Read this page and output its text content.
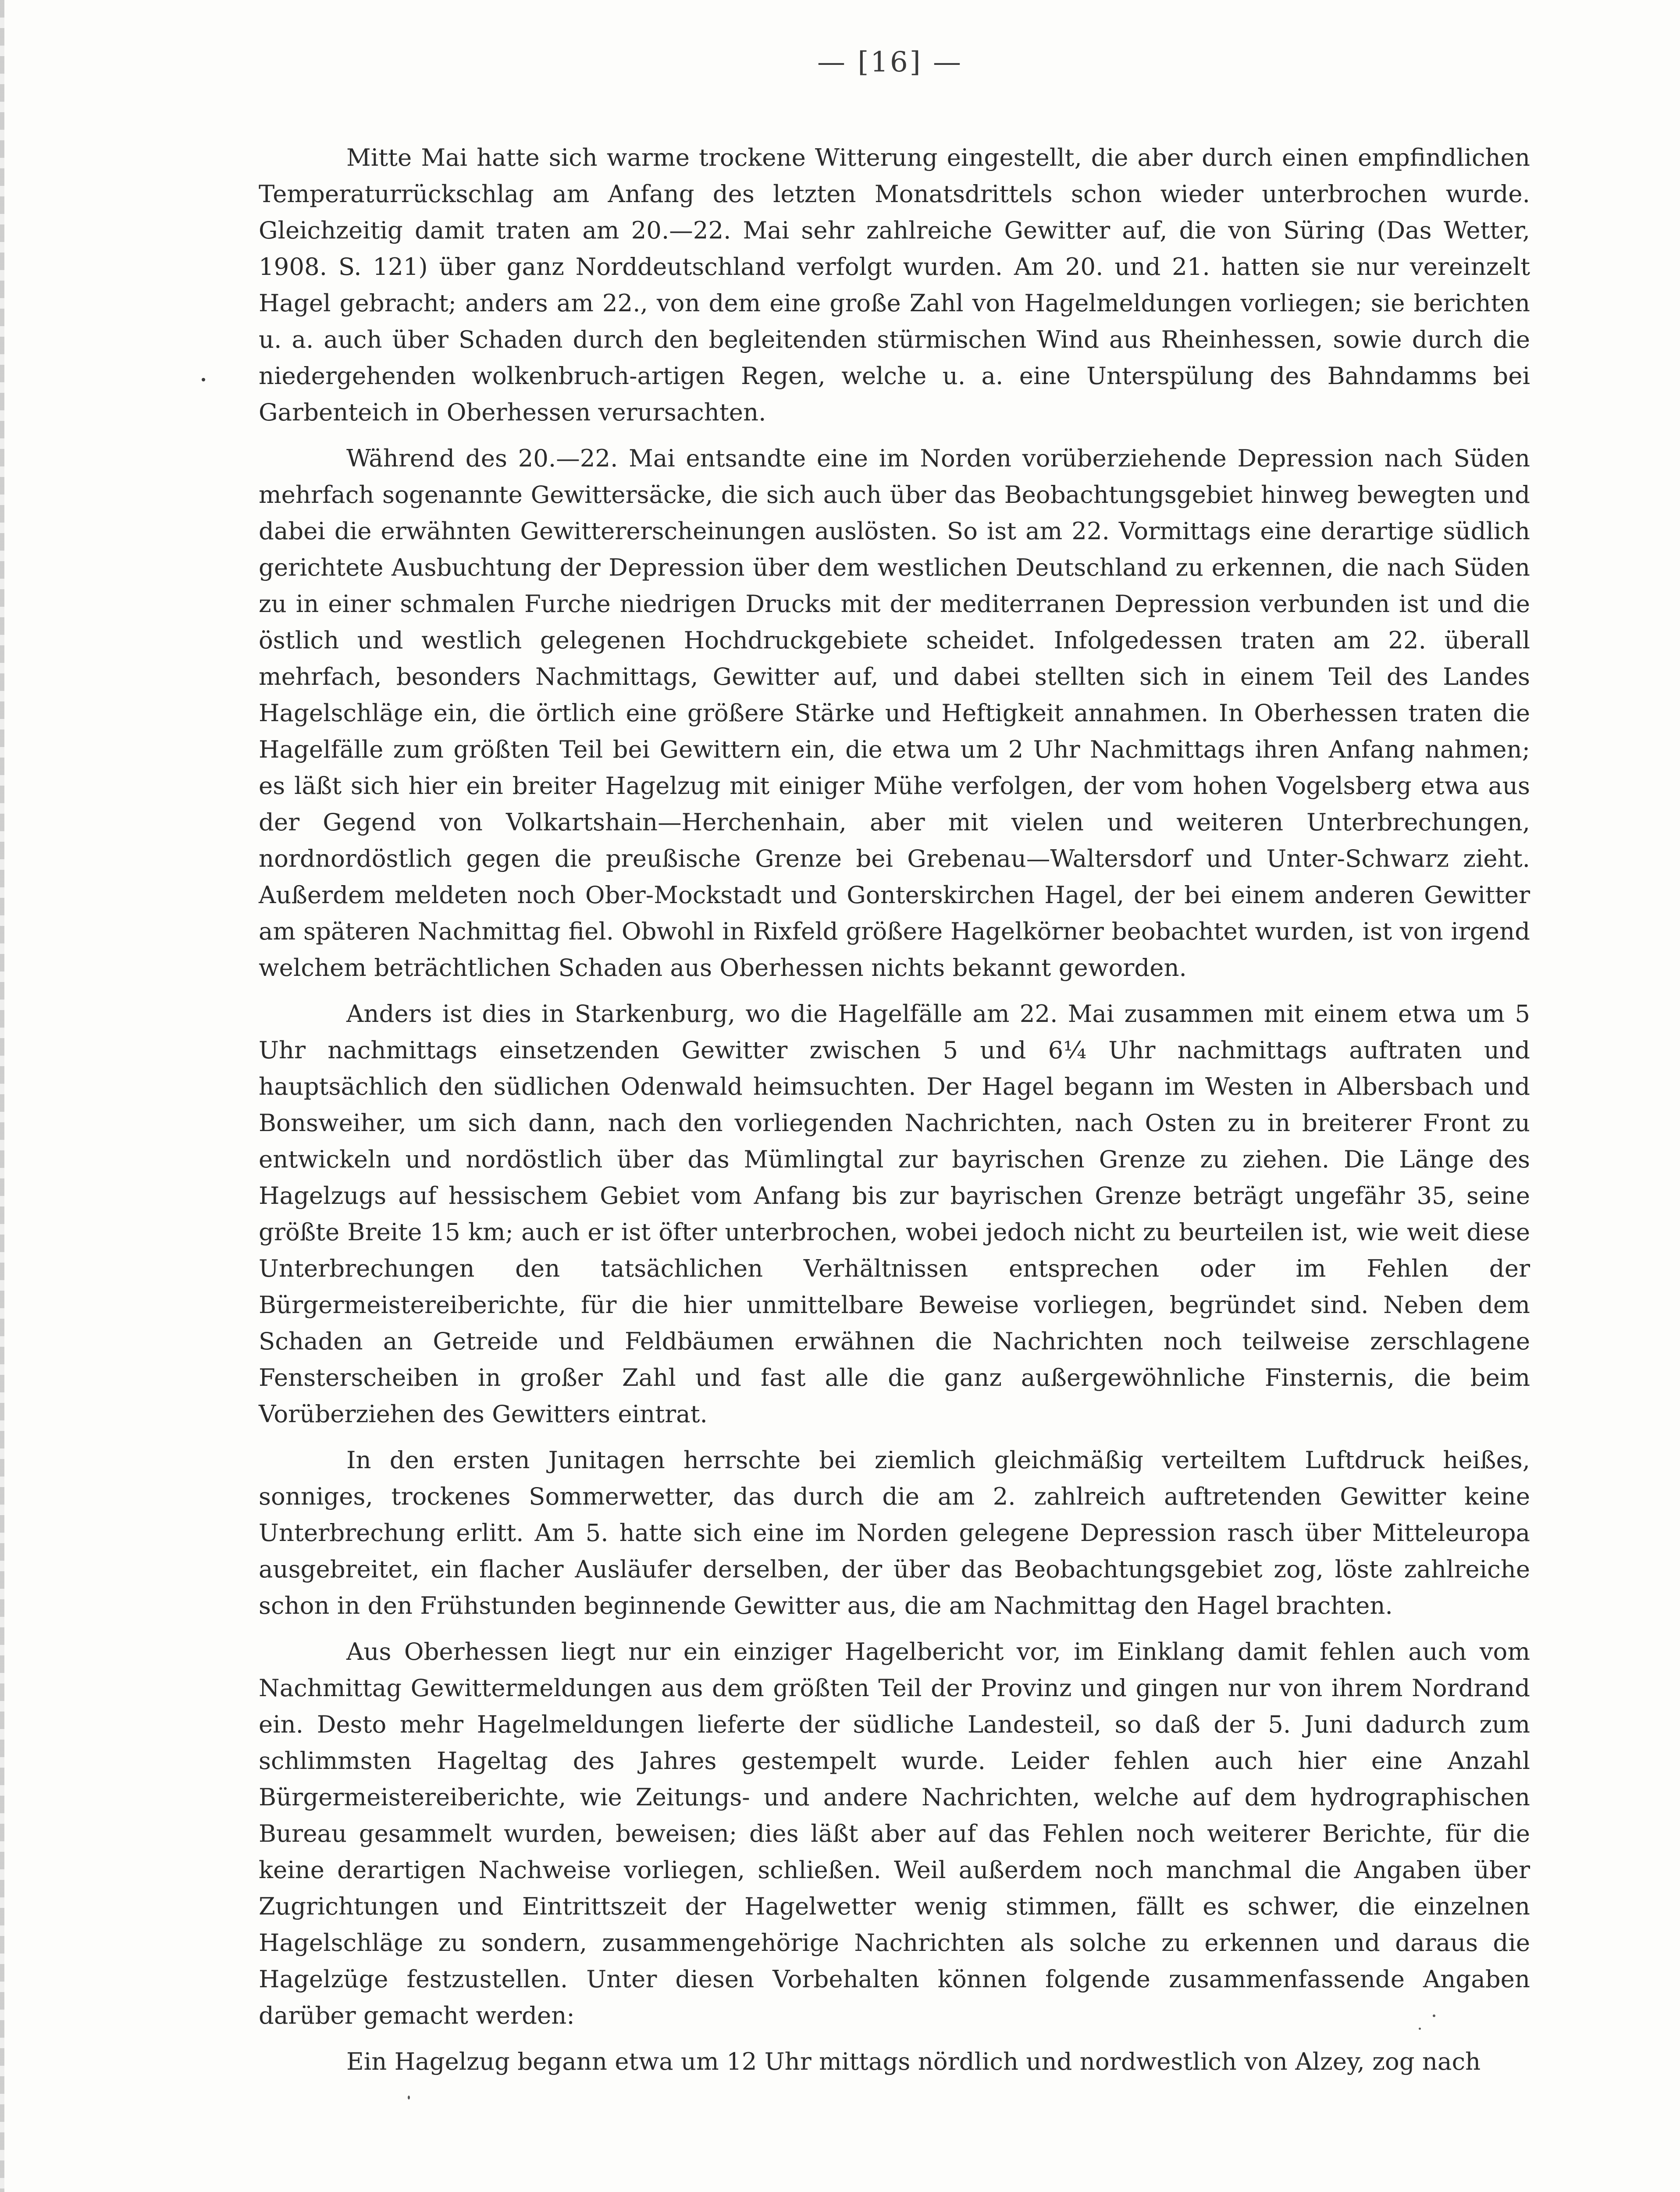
— [16] —

Mitte Mai hatte sich warme trockene Witterung eingestellt, die aber durch einen empfindlichen Temperaturrückschlag am Anfang des letzten Monatsdrittels schon wieder unterbrochen wurde. Gleichzeitig damit traten am 20.—22. Mai sehr zahlreiche Gewitter auf, die von Süring (Das Wetter, 1908. S. 121) über ganz Norddeutschland verfolgt wurden. Am 20. und 21. hatten sie nur vereinzelt Hagel gebracht; anders am 22., von dem eine große Zahl von Hagelmeldungen vorliegen; sie berichten u. a. auch über Schaden durch den begleitenden stürmischen Wind aus Rheinhessen, sowie durch die niedergehenden wolkenbruch-artigen Regen, welche u. a. eine Unterspülung des Bahndamms bei Garbenteich in Oberhessen verursachten.

Während des 20.—22. Mai entsandte eine im Norden vorüberziehende Depression nach Süden mehrfach sogenannte Gewittersäcke, die sich auch über das Beobachtungsgebiet hinweg bewegten und dabei die erwähnten Gewittererscheinungen auslösten. So ist am 22. Vormittags eine derartige südlich gerichtete Ausbuchtung der Depression über dem westlichen Deutschland zu erkennen, die nach Süden zu in einer schmalen Furche niedrigen Drucks mit der mediterranen Depression verbunden ist und die östlich und westlich gelegenen Hochdruckgebiete scheidet. Infolgedessen traten am 22. überall mehrfach, besonders Nachmittags, Gewitter auf, und dabei stellten sich in einem Teil des Landes Hagelschläge ein, die örtlich eine größere Stärke und Heftigkeit annahmen. In Oberhessen traten die Hagelfälle zum größten Teil bei Gewittern ein, die etwa um 2 Uhr Nachmittags ihren Anfang nahmen; es läßt sich hier ein breiter Hagelzug mit einiger Mühe verfolgen, der vom hohen Vogelsberg etwa aus der Gegend von Volkartshain—Herchenhain, aber mit vielen und weiteren Unterbrechungen, nordnordöstlich gegen die preußische Grenze bei Grebenau—Waltersdorf und Unter-Schwarz zieht. Außerdem meldeten noch Ober-Mockstadt und Gonterskirchen Hagel, der bei einem anderen Gewitter am späteren Nachmittag fiel. Obwohl in Rixfeld größere Hagelkörner beobachtet wurden, ist von irgend welchem beträchtlichen Schaden aus Oberhessen nichts bekannt geworden.

Anders ist dies in Starkenburg, wo die Hagelfälle am 22. Mai zusammen mit einem etwa um 5 Uhr nachmittags einsetzenden Gewitter zwischen 5 und 6¼ Uhr nachmittags auftraten und hauptsächlich den südlichen Odenwald heimsuchten. Der Hagel begann im Westen in Albersbach und Bonsweiher, um sich dann, nach den vorliegenden Nachrichten, nach Osten zu in breiterer Front zu entwickeln und nordöstlich über das Mümlingtal zur bayrischen Grenze zu ziehen. Die Länge des Hagelzugs auf hessischem Gebiet vom Anfang bis zur bayrischen Grenze beträgt ungefähr 35, seine größte Breite 15 km; auch er ist öfter unterbrochen, wobei jedoch nicht zu beurteilen ist, wie weit diese Unterbrechungen den tatsächlichen Verhältnissen entsprechen oder im Fehlen der Bürgermeistereiberichte, für die hier unmittelbare Beweise vorliegen, begründet sind. Neben dem Schaden an Getreide und Feldbäumen erwähnen die Nachrichten noch teilweise zerschlagene Fensterscheiben in großer Zahl und fast alle die ganz außergewöhnliche Finsternis, die beim Vorüberziehen des Gewitters eintrat.

In den ersten Junitagen herrschte bei ziemlich gleichmäßig verteiltem Luftdruck heißes, sonniges, trockenes Sommerwetter, das durch die am 2. zahlreich auftretenden Gewitter keine Unterbrechung erlitt. Am 5. hatte sich eine im Norden gelegene Depression rasch über Mitteleuropa ausgebreitet, ein flacher Ausläufer derselben, der über das Beobachtungsgebiet zog, löste zahlreiche schon in den Frühstunden beginnende Gewitter aus, die am Nachmittag den Hagel brachten.

Aus Oberhessen liegt nur ein einziger Hagelbericht vor, im Einklang damit fehlen auch vom Nachmittag Gewittermeldungen aus dem größten Teil der Provinz und gingen nur von ihrem Nordrand ein. Desto mehr Hagelmeldungen lieferte der südliche Landesteil, so daß der 5. Juni dadurch zum schlimmsten Hageltag des Jahres gestempelt wurde. Leider fehlen auch hier eine Anzahl Bürgermeistereiberichte, wie Zeitungs- und andere Nachrichten, welche auf dem hydrographischen Bureau gesammelt wurden, beweisen; dies läßt aber auf das Fehlen noch weiterer Berichte, für die keine derartigen Nachweise vorliegen, schließen. Weil außerdem noch manchmal die Angaben über Zugrichtungen und Eintrittszeit der Hagelwetter wenig stimmen, fällt es schwer, die einzelnen Hagelschläge zu sondern, zusammengehörige Nachrichten als solche zu erkennen und daraus die Hagelzüge festzustellen. Unter diesen Vorbehalten können folgende zusammenfassende Angaben darüber gemacht werden:

Ein Hagelzug begann etwa um 12 Uhr mittags nördlich und nordwestlich von Alzey, zog nach
